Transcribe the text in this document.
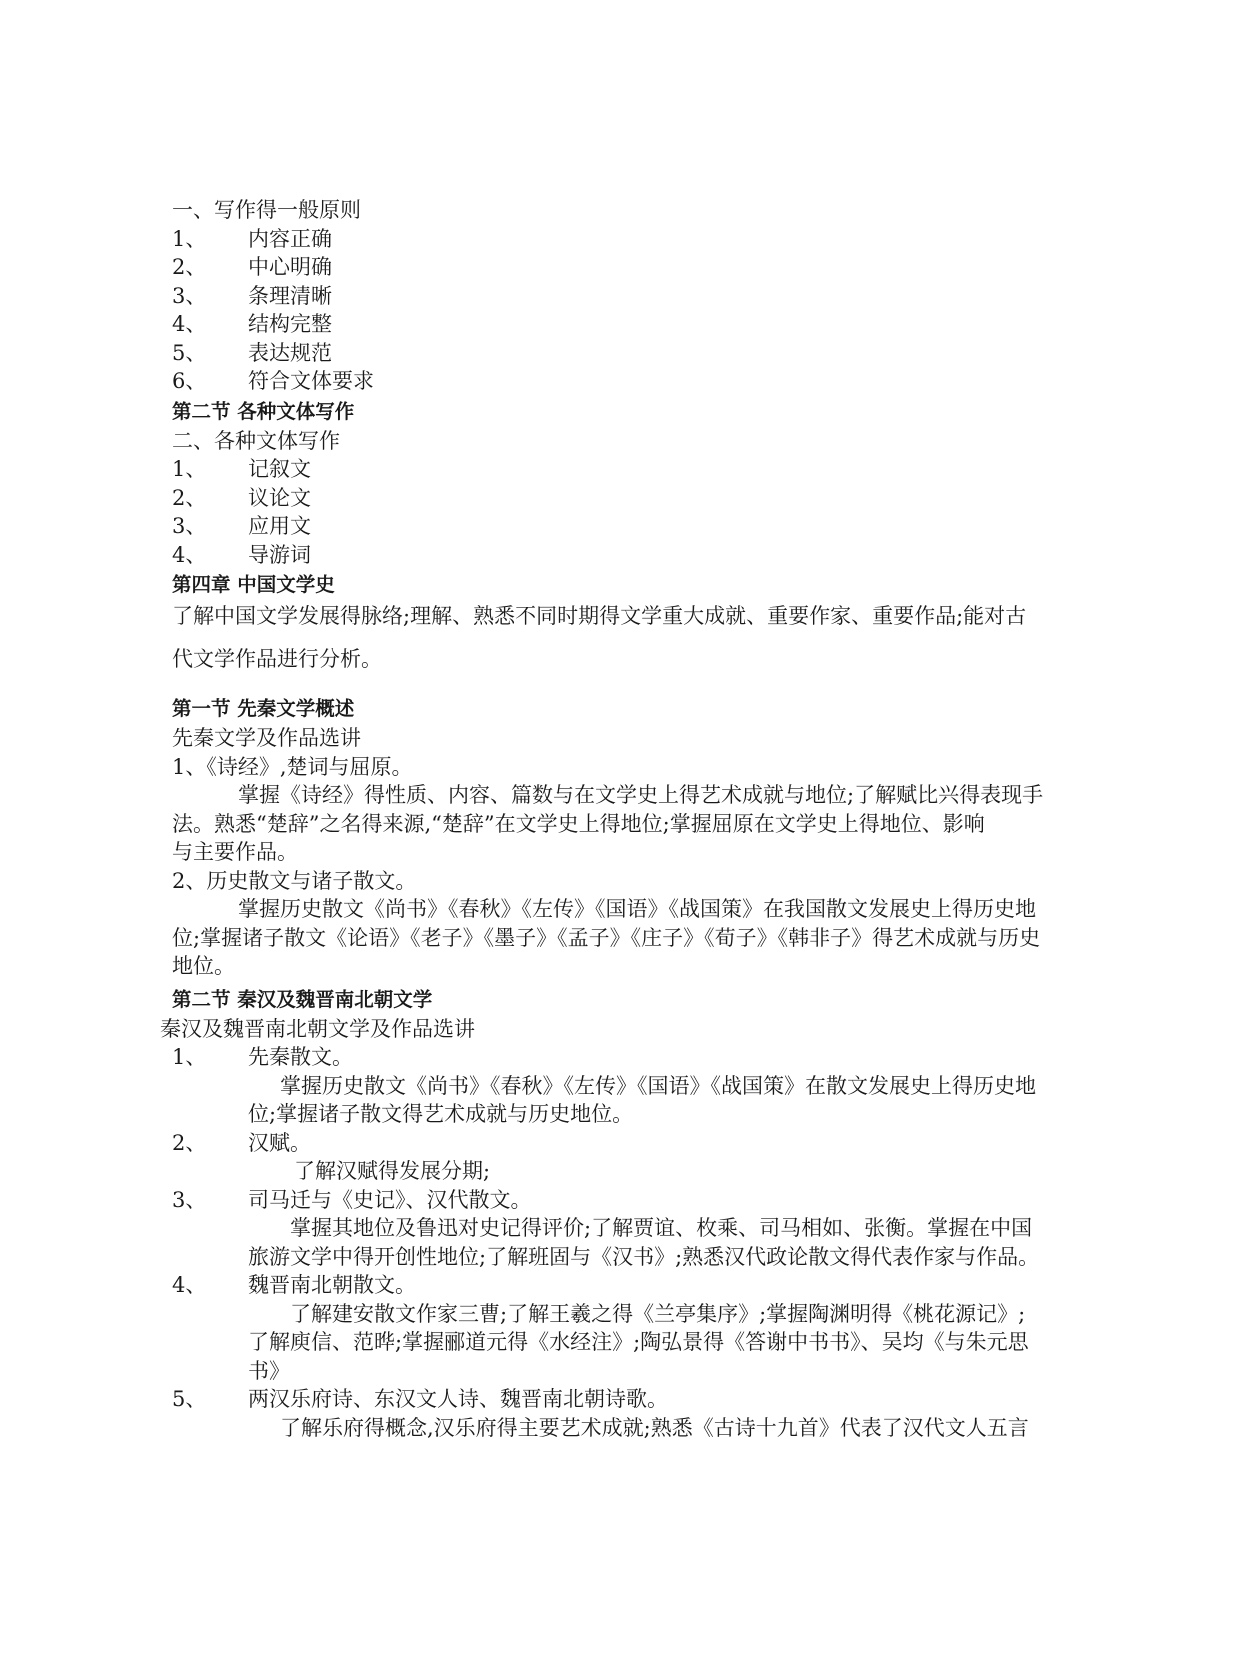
一、写作得一般原则
1、	内容正确
2、	中心明确
3、	条理清晰
4、	结构完整
5、	表达规范
6、	符合文体要求
第二节 各种文体写作
二、各种文体写作
1、	记叙文
2、	议论文
3、	应用文
4、	导游词
第四章 中国文学史
了解中国文学发展得脉络;理解、熟悉不同时期得文学重大成就、重要作家、重要作品;能对古
代文学作品进行分析。
第一节 先秦文学概述
先秦文学及作品选讲
1、《诗经》,楚词与屈原。
掌握《诗经》得性质、内容、篇数与在文学史上得艺术成就与地位;了解赋比兴得表现手
法。熟悉“楚辞”之名得来源,“楚辞”在文学史上得地位;掌握屈原在文学史上得地位、影响
与主要作品。
2、历史散文与诸子散文。
掌握历史散文《尚书》《春秋》《左传》《国语》《战国策》在我国散文发展史上得历史地
位;掌握诸子散文《论语》《老子》《墨子》《孟子》《庄子》《荀子》《韩非子》得艺术成就与历史
地位。
第二节 秦汉及魏晋南北朝文学
秦汉及魏晋南北朝文学及作品选讲
1、	先秦散文。
掌握历史散文《尚书》《春秋》《左传》《国语》《战国策》在散文发展史上得历史地
位;掌握诸子散文得艺术成就与历史地位。
2、	汉赋。
了解汉赋得发展分期;
3、	司马迁与《史记》、汉代散文。
掌握其地位及鲁迅对史记得评价;了解贾谊、枚乘、司马相如、张衡。掌握在中国
旅游文学中得开创性地位;了解班固与《汉书》;熟悉汉代政论散文得代表作家与作品。
4、	魏晋南北朝散文。
了解建安散文作家三曹;了解王羲之得《兰亭集序》;掌握陶渊明得《桃花源记》;
了解庾信、范晔;掌握郦道元得《水经注》;陶弘景得《答谢中书书》、吴均《与朱元思
书》
5、	两汉乐府诗、东汉文人诗、魏晋南北朝诗歌。
了解乐府得概念,汉乐府得主要艺术成就;熟悉《古诗十九首》代表了汉代文人五言
